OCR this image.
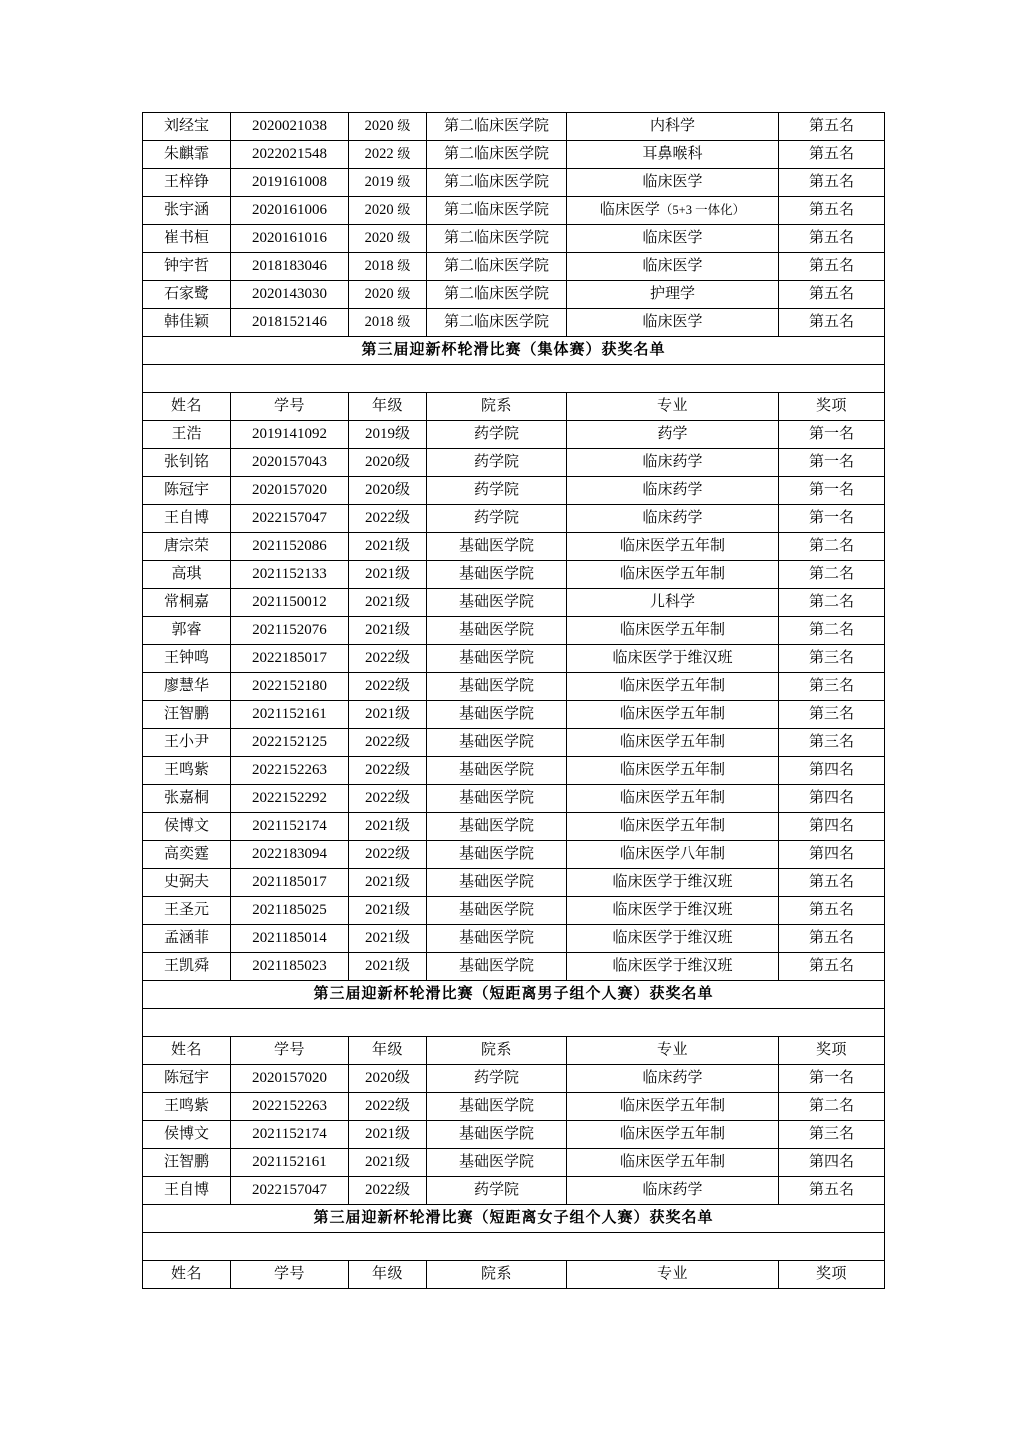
刘经宝	2020021038	2020 级	第二临床医学院	内科学	第五名
朱麒霏	2022021548	2022 级	第二临床医学院	耳鼻喉科	第五名
王梓铮	2019161008	2019 级	第二临床医学院	临床医学	第五名
张宇涵	2020161006	2020 级	第二临床医学院	临床医学（5+3 一体化）	第五名
崔书桓	2020161016	2020 级	第二临床医学院	临床医学	第五名
钟宇哲	2018183046	2018 级	第二临床医学院	临床医学	第五名
石家鹭	2020143030	2020 级	第二临床医学院	护理学	第五名
韩佳颖	2018152146	2018 级	第二临床医学院	临床医学	第五名
第三届迎新杯轮滑比赛（集体赛）获奖名单					

姓名	学号	年级	院系	专业	奖项
王浩	2019141092	2019级	药学院	药学	第一名
张钊铭	2020157043	2020级	药学院	临床药学	第一名
陈冠宇	2020157020	2020级	药学院	临床药学	第一名
王自博	2022157047	2022级	药学院	临床药学	第一名
唐宗荣	2021152086	2021级	基础医学院	临床医学五年制	第二名
高琪	2021152133	2021级	基础医学院	临床医学五年制	第二名
常桐嘉	2021150012	2021级	基础医学院	儿科学	第二名
郭睿	2021152076	2021级	基础医学院	临床医学五年制	第二名
王钟鸣	2022185017	2022级	基础医学院	临床医学于维汉班	第三名
廖慧华	2022152180	2022级	基础医学院	临床医学五年制	第三名
汪智鹏	2021152161	2021级	基础医学院	临床医学五年制	第三名
王小尹	2022152125	2022级	基础医学院	临床医学五年制	第三名
王鸣紫	2022152263	2022级	基础医学院	临床医学五年制	第四名
张嘉桐	2022152292	2022级	基础医学院	临床医学五年制	第四名
侯博文	2021152174	2021级	基础医学院	临床医学五年制	第四名
高奕霆	2022183094	2022级	基础医学院	临床医学八年制	第四名
史弼夫	2021185017	2021级	基础医学院	临床医学于维汉班	第五名
王圣元	2021185025	2021级	基础医学院	临床医学于维汉班	第五名
孟涵菲	2021185014	2021级	基础医学院	临床医学于维汉班	第五名
王凯舜	2021185023	2021级	基础医学院	临床医学于维汉班	第五名
第三届迎新杯轮滑比赛（短距离男子组个人赛）获奖名单					

姓名	学号	年级	院系	专业	奖项
陈冠宇	2020157020	2020级	药学院	临床药学	第一名
王鸣紫	2022152263	2022级	基础医学院	临床医学五年制	第二名
侯博文	2021152174	2021级	基础医学院	临床医学五年制	第三名
汪智鹏	2021152161	2021级	基础医学院	临床医学五年制	第四名
王自博	2022157047	2022级	药学院	临床药学	第五名
第三届迎新杯轮滑比赛（短距离女子组个人赛）获奖名单					

姓名	学号	年级	院系	专业	奖项
